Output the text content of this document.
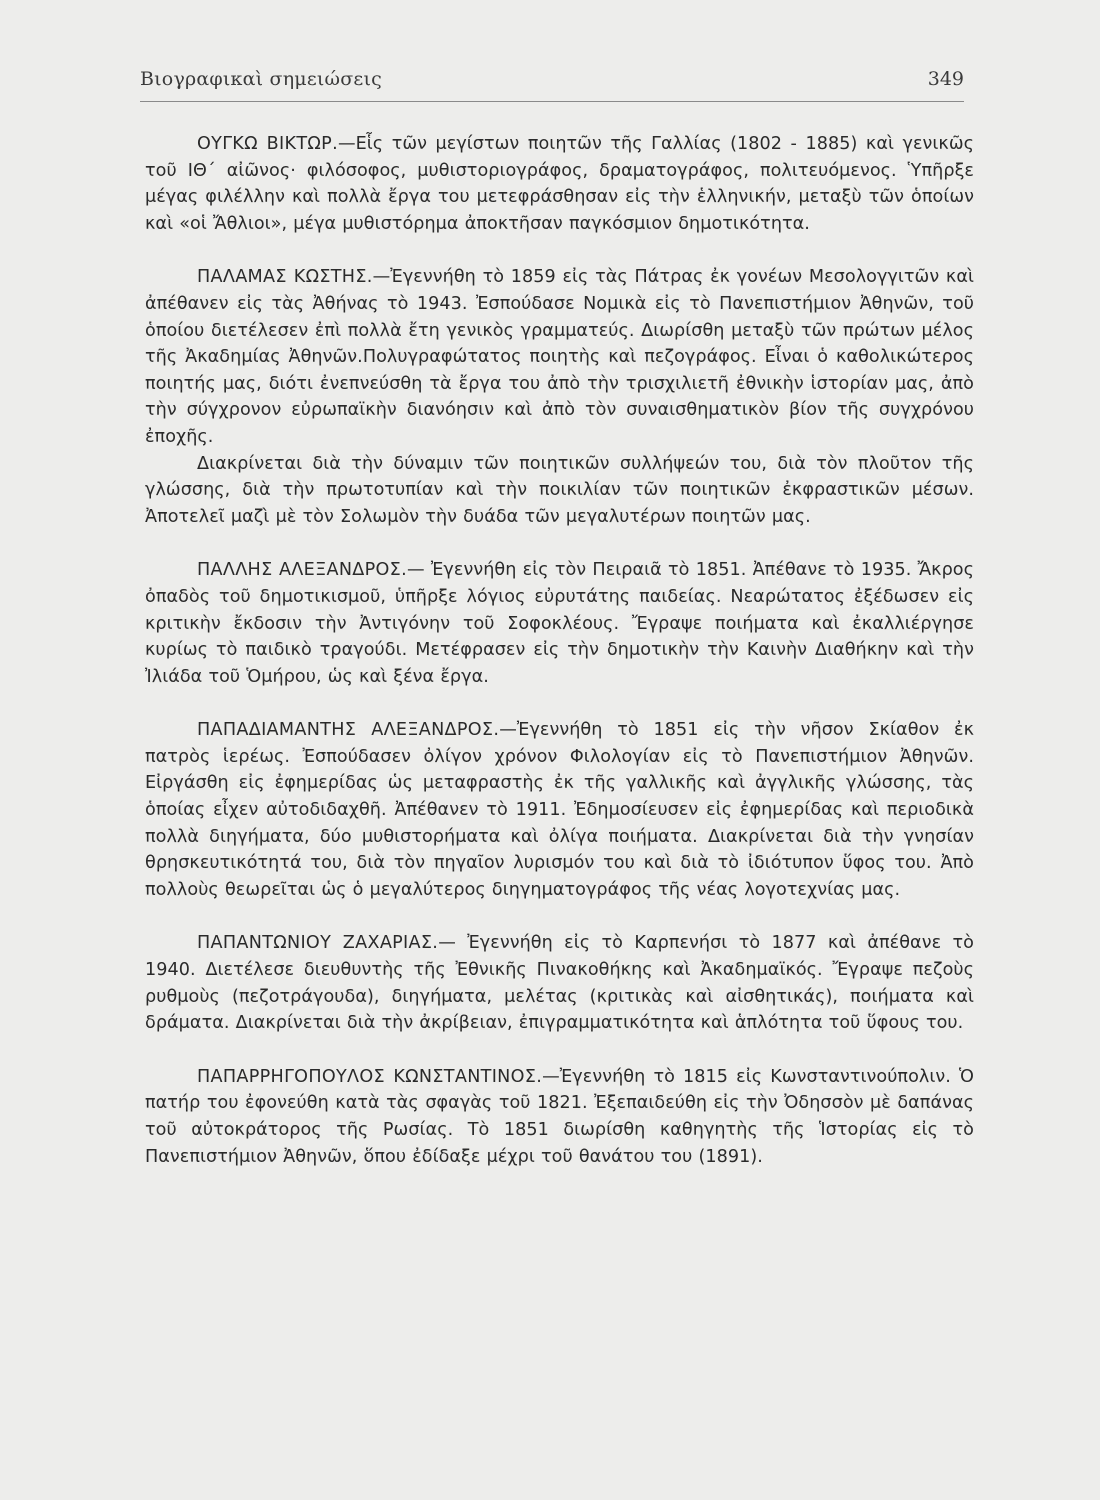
Βιογραφικαὶ σημειώσεις	349

ΟΥΓΚΩ ΒΙΚΤΩΡ.—Εἷς τῶν μεγίστων ποιητῶν τῆς Γαλλίας (1802 - 1885) καὶ γενικῶς τοῦ ΙΘ΄ αἰῶνος· φιλόσοφος, μυθιστοριογράφος, δραματογράφος, πολιτευόμενος. Ὑπῆρξε μέγας φιλέλλην καὶ πολλὰ ἔργα του μετεφράσθησαν εἰς τὴν ἑλληνικήν, μεταξὺ τῶν ὁποίων καὶ «οἱ Ἄθλιοι», μέγα μυθιστόρημα ἀποκτῆσαν παγκόσμιον δημοτικότητα.

ΠΑΛΑΜΑΣ ΚΩΣΤΗΣ.—Ἐγεννήθη τὸ 1859 εἰς τὰς Πάτρας ἐκ γονέων Μεσολογγιτῶν καὶ ἀπέθανεν εἰς τὰς Ἀθήνας τὸ 1943. Ἐσπούδασε Νομικὰ εἰς τὸ Πανεπιστήμιον Ἀθηνῶν, τοῦ ὁποίου διετέλεσεν ἐπὶ πολλὰ ἔτη γενικὸς γραμματεύς. Διωρίσθη μεταξὺ τῶν πρώτων μέλος τῆς Ἀκαδημίας Ἀθηνῶν.Πολυγραφώτατος ποιητὴς καὶ πεζογράφος. Εἶναι ὁ καθολικώτερος ποιητής μας, διότι ἐνεπνεύσθη τὰ ἔργα του ἀπὸ τὴν τρισχιλιετῆ ἐθνικὴν ἱστορίαν μας, ἀπὸ τὴν σύγχρονον εὐρωπαϊκὴν διανόησιν καὶ ἀπὸ τὸν συναισθηματικὸν βίον τῆς συγχρόνου ἐποχῆς.
Διακρίνεται διὰ τὴν δύναμιν τῶν ποιητικῶν συλλήψεών του, διὰ τὸν πλοῦτον τῆς γλώσσης, διὰ τὴν πρωτοτυπίαν καὶ τὴν ποικιλίαν τῶν ποιητικῶν ἐκφραστικῶν μέσων. Ἀποτελεῖ μαζὶ μὲ τὸν Σολωμὸν τὴν δυάδα τῶν μεγαλυτέρων ποιητῶν μας.

ΠΑΛΛΗΣ ΑΛΕΞΑΝΔΡΟΣ.— Ἐγεννήθη εἰς τὸν Πειραιᾶ τὸ 1851. Ἀπέθανε τὸ 1935. Ἄκρος ὀπαδὸς τοῦ δημοτικισμοῦ, ὑπῆρξε λόγιος εὐρυτάτης παιδείας. Νεαρώτατος ἐξέδωσεν εἰς κριτικὴν ἔκδοσιν τὴν Ἀντιγόνην τοῦ Σοφοκλέους. Ἔγραψε ποιήματα καὶ ἐκαλλιέργησε κυρίως τὸ παιδικὸ τραγούδι. Μετέφρασεν εἰς τὴν δημοτικὴν τὴν Καινὴν Διαθήκην καὶ τὴν Ἰλιάδα τοῦ Ὁμήρου, ὡς καὶ ξένα ἔργα.

ΠΑΠΑΔΙΑΜΑΝΤΗΣ ΑΛΕΞΑΝΔΡΟΣ.—Ἐγεννήθη τὸ 1851 εἰς τὴν νῆσον Σκίαθον ἐκ πατρὸς ἱερέως. Ἐσπούδασεν ὀλίγον χρόνον Φιλολογίαν εἰς τὸ Πανεπιστήμιον Ἀθηνῶν. Εἰργάσθη εἰς ἐφημερίδας ὡς μεταφραστὴς ἐκ τῆς γαλλικῆς καὶ ἀγγλικῆς γλώσσης, τὰς ὁποίας εἶχεν αὐτοδιδαχθῆ. Ἀπέθανεν τὸ 1911. Ἐδημοσίευσεν εἰς ἐφημερίδας καὶ περιοδικὰ πολλὰ διηγήματα, δύο μυθιστορήματα καὶ ὀλίγα ποιήματα. Διακρίνεται διὰ τὴν γνησίαν θρησκευτικότητά του, διὰ τὸν πηγαῖον λυρισμόν του καὶ διὰ τὸ ἰδιότυπον ὕφος του. Ἀπὸ πολλοὺς θεωρεῖται ὡς ὁ μεγαλύτερος διηγηματογράφος τῆς νέας λογοτεχνίας μας.

ΠΑΠΑΝΤΩΝΙΟΥ ΖΑΧΑΡΙΑΣ.— Ἐγεννήθη εἰς τὸ Καρπενήσι τὸ 1877 καὶ ἀπέθανε τὸ 1940. Διετέλεσε διευθυντὴς τῆς Ἐθνικῆς Πινακοθήκης καὶ Ἀκαδημαϊκός. Ἔγραψε πεζοὺς ρυθμοὺς (πεζοτράγουδα), διηγήματα, μελέτας (κριτικὰς καὶ αἰσθητικάς), ποιήματα καὶ δράματα. Διακρίνεται διὰ τὴν ἀκρίβειαν, ἐπιγραμματικότητα καὶ ἁπλότητα τοῦ ὕφους του.

ΠΑΠΑΡΡΗΓΟΠΟΥΛΟΣ ΚΩΝΣΤΑΝΤΙΝΟΣ.—Ἐγεννήθη τὸ 1815 εἰς Κωνσταντινούπολιν. Ὁ πατήρ του ἐφονεύθη κατὰ τὰς σφαγὰς τοῦ 1821. Ἐξεπαιδεύθη εἰς τὴν Ὀδησσὸν μὲ δαπάνας τοῦ αὐτοκράτορος τῆς Ρωσίας. Τὸ 1851 διωρίσθη καθηγητὴς τῆς Ἱστορίας εἰς τὸ Πανεπιστήμιον Ἀθηνῶν, ὅπου ἐδίδαξε μέχρι τοῦ θανάτου του (1891).
